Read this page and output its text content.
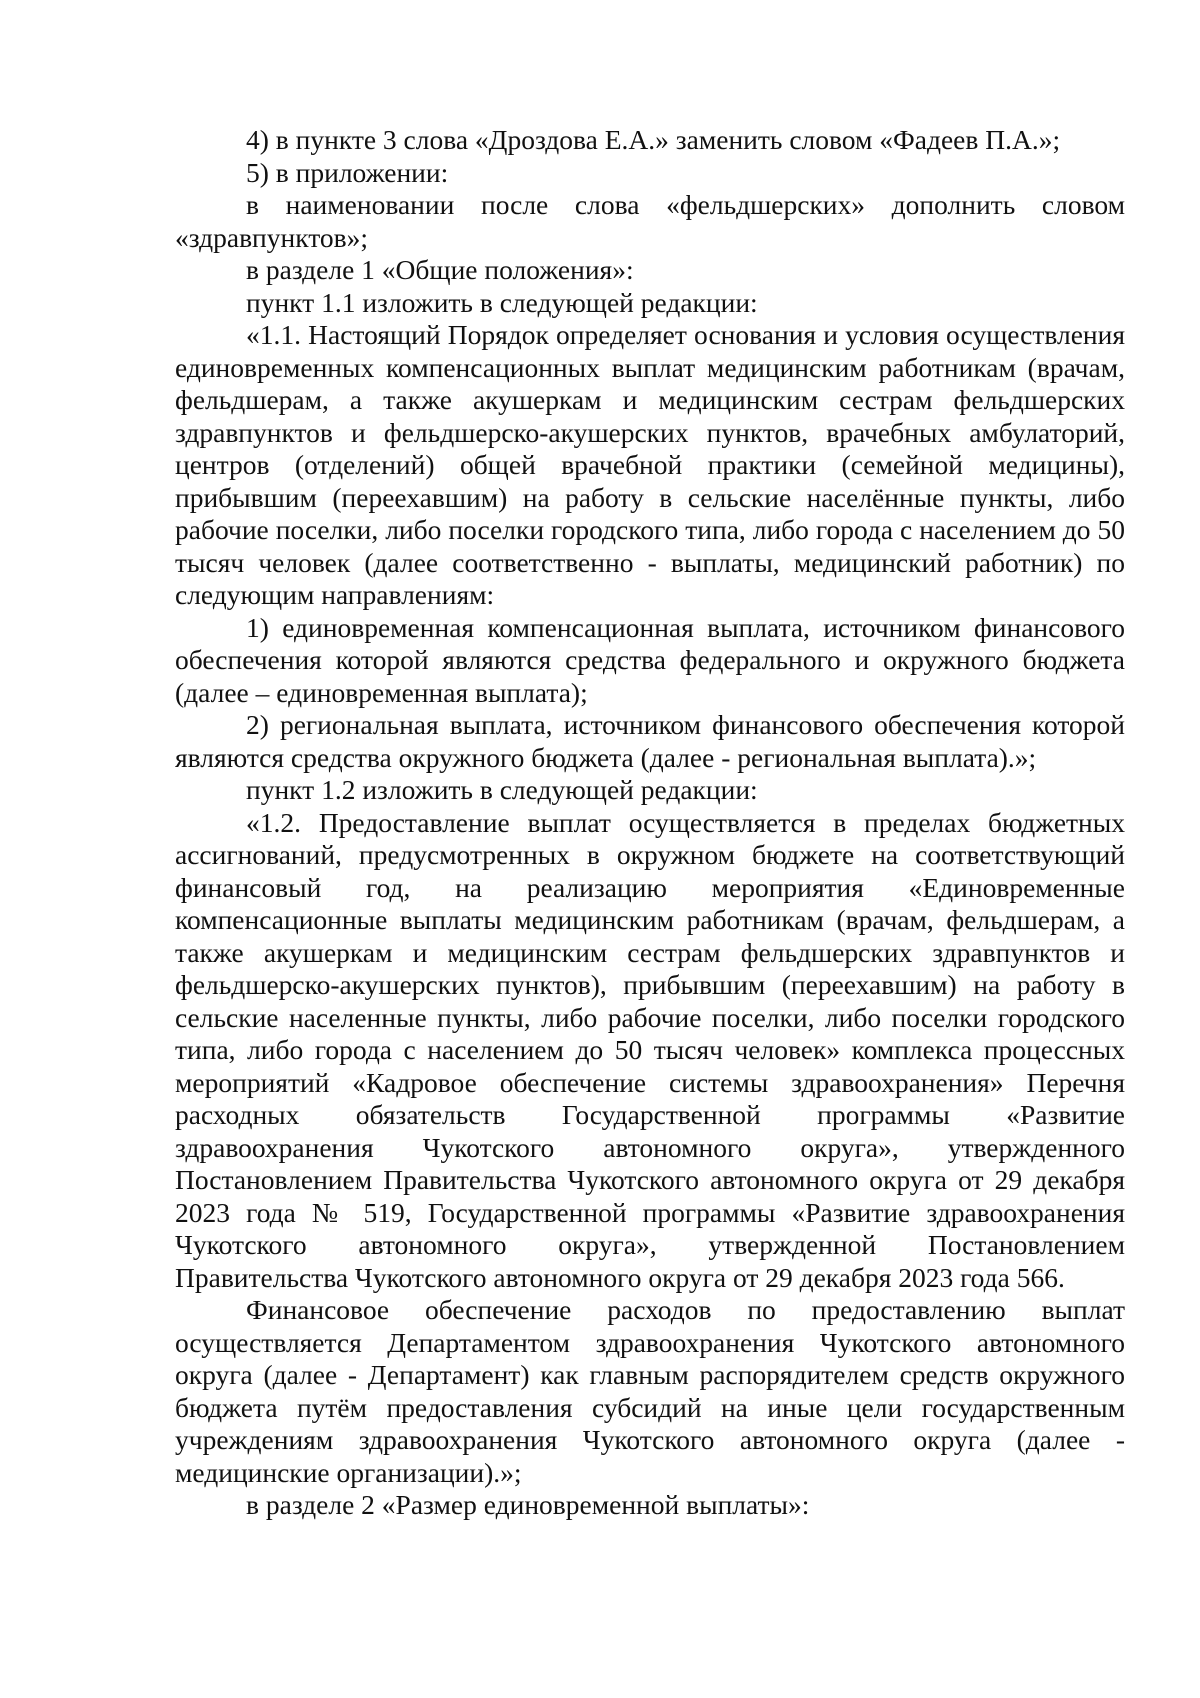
4) в пункте 3 слова «Дроздова Е.А.» заменить словом «Фадеев П.А.»;

5) в приложении:

в наименовании после слова «фельдшерских» дополнить словом «здравпунктов»;

в разделе 1 «Общие положения»:

пункт 1.1 изложить в следующей редакции:

«1.1. Настоящий Порядок определяет основания и условия осуществления единовременных компенсационных выплат медицинским работникам (врачам, фельдшерам, а также акушеркам и медицинским сестрам фельдшерских здравпунктов и фельдшерско-акушерских пунктов, врачебных амбулаторий, центров (отделений) общей врачебной практики (семейной медицины), прибывшим (переехавшим) на работу в сельские населённые пункты, либо рабочие поселки, либо поселки городского типа, либо города с населением до 50 тысяч человек (далее соответственно - выплаты, медицинский работник) по следующим направлениям:

1) единовременная компенсационная выплата, источником финансового обеспечения которой являются средства федерального и окружного бюджета (далее – единовременная выплата);

2) региональная выплата, источником финансового обеспечения которой являются средства окружного бюджета (далее - региональная выплата).»;

пункт 1.2 изложить в следующей редакции:

«1.2. Предоставление выплат осуществляется в пределах бюджетных ассигнований, предусмотренных в окружном бюджете на соответствующий финансовый год, на реализацию мероприятия «Единовременные компенсационные выплаты медицинским работникам (врачам, фельдшерам, а также акушеркам и медицинским сестрам фельдшерских здравпунктов и фельдшерско-акушерских пунктов), прибывшим (переехавшим) на работу в сельские населенные пункты, либо рабочие поселки, либо поселки городского типа, либо города с населением до 50 тысяч человек» комплекса процессных мероприятий «Кадровое обеспечение системы здравоохранения» Перечня расходных обязательств Государственной программы «Развитие здравоохранения Чукотского автономного округа», утвержденного Постановлением Правительства Чукотского автономного округа от 29 декабря 2023 года № 519, Государственной программы «Развитие здравоохранения Чукотского автономного округа», утвержденной Постановлением Правительства Чукотского автономного округа от 29 декабря 2023 года 566.

Финансовое обеспечение расходов по предоставлению выплат осуществляется Департаментом здравоохранения Чукотского автономного округа (далее - Департамент) как главным распорядителем средств окружного бюджета путём предоставления субсидий на иные цели государственным учреждениям здравоохранения Чукотского автономного округа (далее - медицинские организации).»;

в разделе 2 «Размер единовременной выплаты»:
